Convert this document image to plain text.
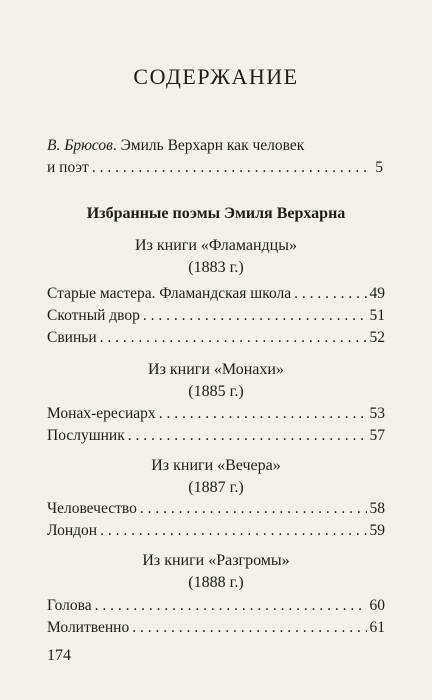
СОДЕРЖАНИЕ
В. Брюсов. Эмиль Верхарн как человек
и поэт . . .	5
Избранные поэмы Эмиля Верхарна
Из книги «Фламандцы»
(1883 г.)
Старые мастера. Фламандская школа . . .	49
Скотный двор . . .	51
Свиньи . . .	52
Из книги «Монахи»
(1885 г.)
Монах-ересиарх . . .	53
Послушник . . .	57
Из книги «Вечера»
(1887 г.)
Человечество . . .	58
Лондон . . .	59
Из книги «Разгромы»
(1888 г.)
Голова . . .	60
Молитвенно . . .	61
174
